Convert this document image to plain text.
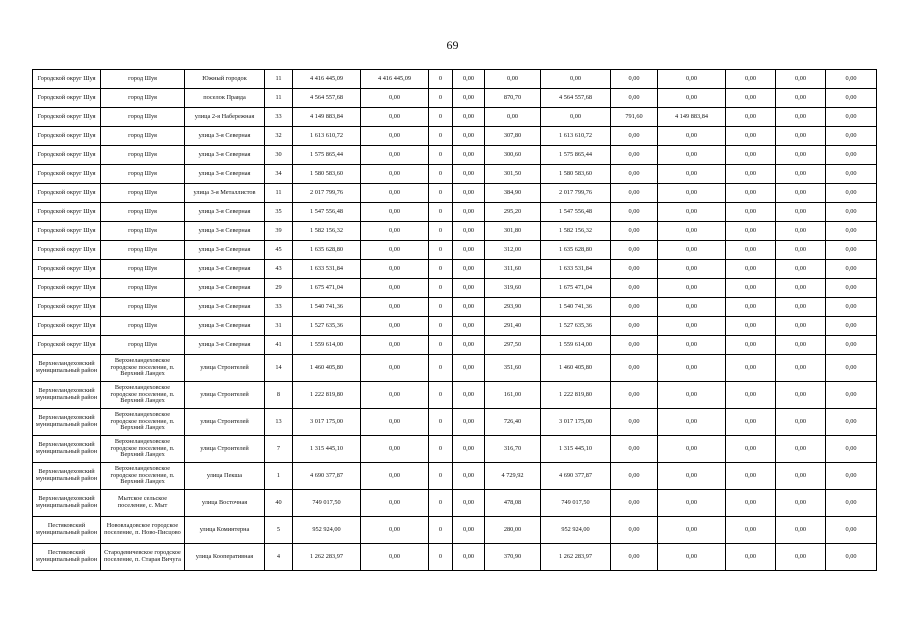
69
Городской округ Шуя	город Шуя	Южный городок	11	4 416 445,09	4 416 445,09	0	0,00	0,00	0,00	0,00	0,00	0,00	0,00	0,00
Городской округ Шуя	город Шуя	поселок Правда	11	4 564 557,68	0,00	0	0,00	870,70	4 564 557,68	0,00	0,00	0,00	0,00	0,00
Городской округ Шуя	город Шуя	улица 2-я Набережная	33	4 149 883,84	0,00	0	0,00	0,00	0,00	791,60	4 149 883,84	0,00	0,00	0,00
Городской округ Шуя	город Шуя	улица 3-я Северная	32	1 613 610,72	0,00	0	0,00	307,80	1 613 610,72	0,00	0,00	0,00	0,00	0,00
Городской округ Шуя	город Шуя	улица 3-я Северная	30	1 575 865,44	0,00	0	0,00	300,60	1 575 865,44	0,00	0,00	0,00	0,00	0,00
Городской округ Шуя	город Шуя	улица 3-я Северная	34	1 580 583,60	0,00	0	0,00	301,50	1 580 583,60	0,00	0,00	0,00	0,00	0,00
Городской округ Шуя	город Шуя	улица 3-я Металлистов	11	2 017 799,76	0,00	0	0,00	384,90	2 017 799,76	0,00	0,00	0,00	0,00	0,00
Городской округ Шуя	город Шуя	улица 3-я Северная	35	1 547 556,48	0,00	0	0,00	295,20	1 547 556,48	0,00	0,00	0,00	0,00	0,00
Городской округ Шуя	город Шуя	улица 3-я Северная	39	1 582 156,32	0,00	0	0,00	301,80	1 582 156,32	0,00	0,00	0,00	0,00	0,00
Городской округ Шуя	город Шуя	улица 3-я Северная	45	1 635 628,80	0,00	0	0,00	312,00	1 635 628,80	0,00	0,00	0,00	0,00	0,00
Городской округ Шуя	город Шуя	улица 3-я Северная	43	1 633 531,84	0,00	0	0,00	311,60	1 633 531,84	0,00	0,00	0,00	0,00	0,00
Городской округ Шуя	город Шуя	улица 3-я Северная	29	1 675 471,04	0,00	0	0,00	319,60	1 675 471,04	0,00	0,00	0,00	0,00	0,00
Городской округ Шуя	город Шуя	улица 3-я Северная	33	1 540 741,36	0,00	0	0,00	293,90	1 540 741,36	0,00	0,00	0,00	0,00	0,00
Городской округ Шуя	город Шуя	улица 3-я Северная	31	1 527 635,36	0,00	0	0,00	291,40	1 527 635,36	0,00	0,00	0,00	0,00	0,00
Городской округ Шуя	город Шуя	улица 3-я Северная	41	1 559 614,00	0,00	0	0,00	297,50	1 559 614,00	0,00	0,00	0,00	0,00	0,00
Верхнеландеховский муниципальный район	Верхнеландеховское городское поселение, п. Верхний Ландех	улица Строителей	14	1 460 405,80	0,00	0	0,00	351,60	1 460 405,80	0,00	0,00	0,00	0,00	0,00
Верхнеландеховский муниципальный район	Верхнеландеховское городское поселение, п. Верхний Ландех	улица Строителей	8	1 222 819,80	0,00	0	0,00	161,00	1 222 819,80	0,00	0,00	0,00	0,00	0,00
Верхнеландеховский муниципальный район	Верхнеландеховское городское поселение, п. Верхний Ландех	улица Строителей	13	3 017 175,00	0,00	0	0,00	726,40	3 017 175,00	0,00	0,00	0,00	0,00	0,00
Верхнеландеховский муниципальный район	Верхнеландеховское городское поселение, п. Верхний Ландех	улица Строителей	7	1 315 445,10	0,00	0	0,00	316,70	1 315 445,10	0,00	0,00	0,00	0,00	0,00
Верхнеландеховский муниципальный район	Верхнеландеховское городское поселение, п. Верхний Ландех	улица Пекша	1	4 690 377,87	0,00	0	0,00	4 729,92	4 690 377,87	0,00	0,00	0,00	0,00	0,00
Верхнеландеховский муниципальный район	Мытское сельское поселение, с. Мыт	улица Восточная	40	749 017,50	0,00	0	0,00	478,08	749 017,50	0,00	0,00	0,00	0,00	0,00
Пестяковский муниципальный район	Нововладовское городское поселение, п. Ново-Писцово	улица Коминтерна	5	952 924,00	0,00	0	0,00	280,00	952 924,00	0,00	0,00	0,00	0,00	0,00
Пестяковский муниципальный район	Стародевичевское городское поселение, п. Старая Вичуга	улица Кооперативная	4	1 262 283,97	0,00	0	0,00	370,90	1 262 283,97	0,00	0,00	0,00	0,00	0,00
